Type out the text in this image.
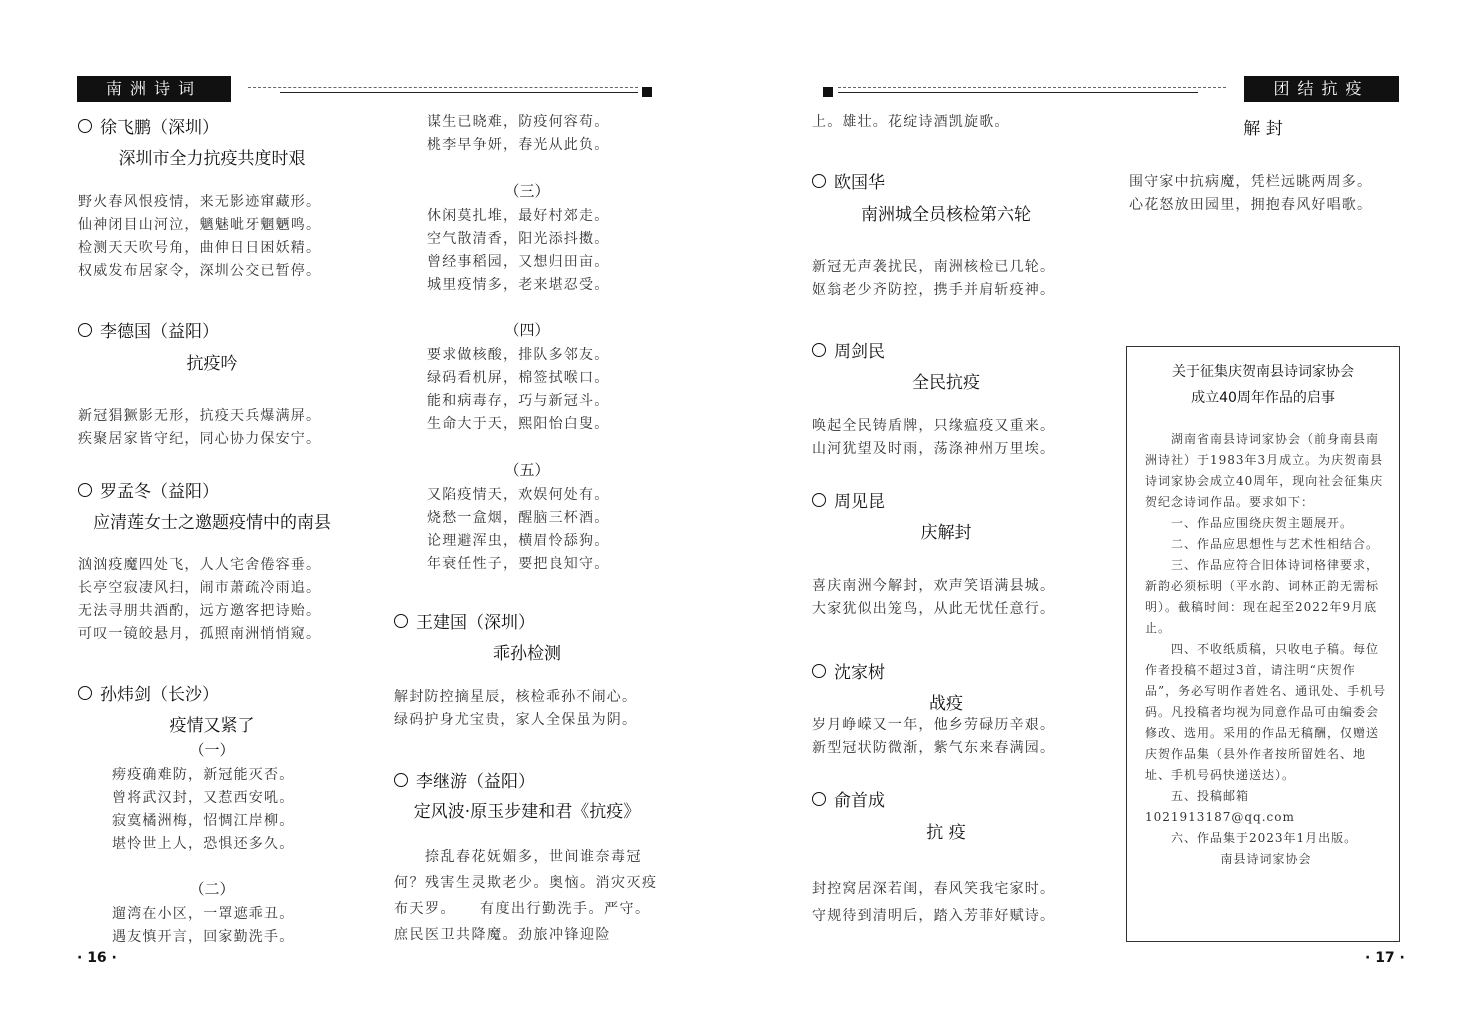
南洲诗词	团结抗疫
徐飞鹏（深圳）
深圳市全力抗疫共度时艰
野火春风恨疫情，来无影迹窜藏形。
仙神闭目山河泣，魑魅呲牙魍魉鸣。
检测天天吹号角，曲伸日日困妖精。
权威发布居家令，深圳公交已暂停。
李德国（益阳）
抗疫吟
新冠猖獗影无形，抗疫天兵爆满屏。
疾聚居家皆守纪，同心协力保安宁。
罗孟冬（益阳）
应清莲女士之邀题疫情中的南县
汹汹疫魔四处飞，人人宅舍倦容垂。
长亭空寂凄风扫，闹市萧疏冷雨追。
无法寻朋共酒酌，远方邀客把诗贻。
可叹一镜皎悬月，孤照南洲悄悄窥。
孙炜剑（长沙）
疫情又紧了
（一）
痨疫确难防，新冠能灭否。
曾将武汉封，又惹西安吼。
寂寞橘洲梅，怊惆江岸柳。
堪怜世上人，恐惧还多久。
（二）
遛湾在小区，一罩遮乖丑。
遇友慎开言，回家勤洗手。
· 16 ·
谋生已晓难，防疫何容苟。
桃李早争妍，春光从此负。
（三）
休闲莫扎堆，最好村郊走。
空气散清香，阳光添抖擞。
曾经事稻园，又想归田亩。
城里疫情多，老来堪忍受。
（四）
要求做核酸，排队多邻友。
绿码看机屏，棉签拭喉口。
能和病毒存，巧与新冠斗。
生命大于天，熙阳怡白叟。
（五）
又陷疫情天，欢娱何处有。
烧愁一盒烟，醒脑三杯酒。
论理避浑虫，横眉怜舔狗。
年衰任性子，要把良知守。
王建国（深圳）
乖孙检测
解封防控摘星辰，核检乖孙不闹心。
绿码护身尤宝贵，家人全保虽为阴。
李继游（益阳）
定风波·原玉步建和君《抗疫》
　　捺乱春花妩媚多，世间谁奈毒冠何？残害生灵欺老少。奥恼。消灾灭疫布天罗。　　有度出行勤洗手。严守。庶民医卫共降魔。劲旅冲锋迎险
上。雄壮。花绽诗酒凯旋歌。
欧国华
南洲城全员核检第六轮
新冠无声袭扰民，南洲核检已几轮。
妪翁老少齐防控，携手并肩斩疫神。
周剑民
全民抗疫
唤起全民铸盾牌，只缘瘟疫又重来。
山河犹望及时雨，荡涤神州万里埃。
周见昆
庆解封
喜庆南洲今解封，欢声笑语满县城。
大家犹似出笼鸟，从此无忧任意行。
沈家树
战疫
岁月峥嵘又一年，他乡劳碌历辛艰。
新型冠状防微渐，紫气东来春满园。
俞首成
抗 疫
封控窝居深若闺，春风笑我宅家时。
守规待到清明后，踏入芳菲好赋诗。
解 封
围守家中抗病魔，凭栏远眺两周多。
心花怒放田园里，拥抱春风好唱歌。
关于征集庆贺南县诗词家协会
成立40周年作品的启事
　　湖南省南县诗词家协会（前身南县南洲诗社）于1983年3月成立。为庆贺南县诗词家协会成立40周年，现向社会征集庆贺纪念诗词作品。要求如下：
　　一、作品应围绕庆贺主题展开。
　　二、作品应思想性与艺术性相结合。
　　三、作品应符合旧体诗词格律要求，新韵必须标明（平水韵、词林正韵无需标明）。截稿时间：现在起至2022年9月底止。
　　四、不收纸质稿，只收电子稿。每位作者投稿不超过3首，请注明“庆贺作品”，务必写明作者姓名、通讯处、手机号码。凡投稿者均视为同意作品可由编委会修改、选用。采用的作品无稿酬，仅赠送庆贺作品集（县外作者按所留姓名、地址、手机号码快递送达）。
　　五、投稿邮箱 1021913187@qq.com
　　六、作品集于2023年1月出版。
南县诗词家协会
· 17 ·
